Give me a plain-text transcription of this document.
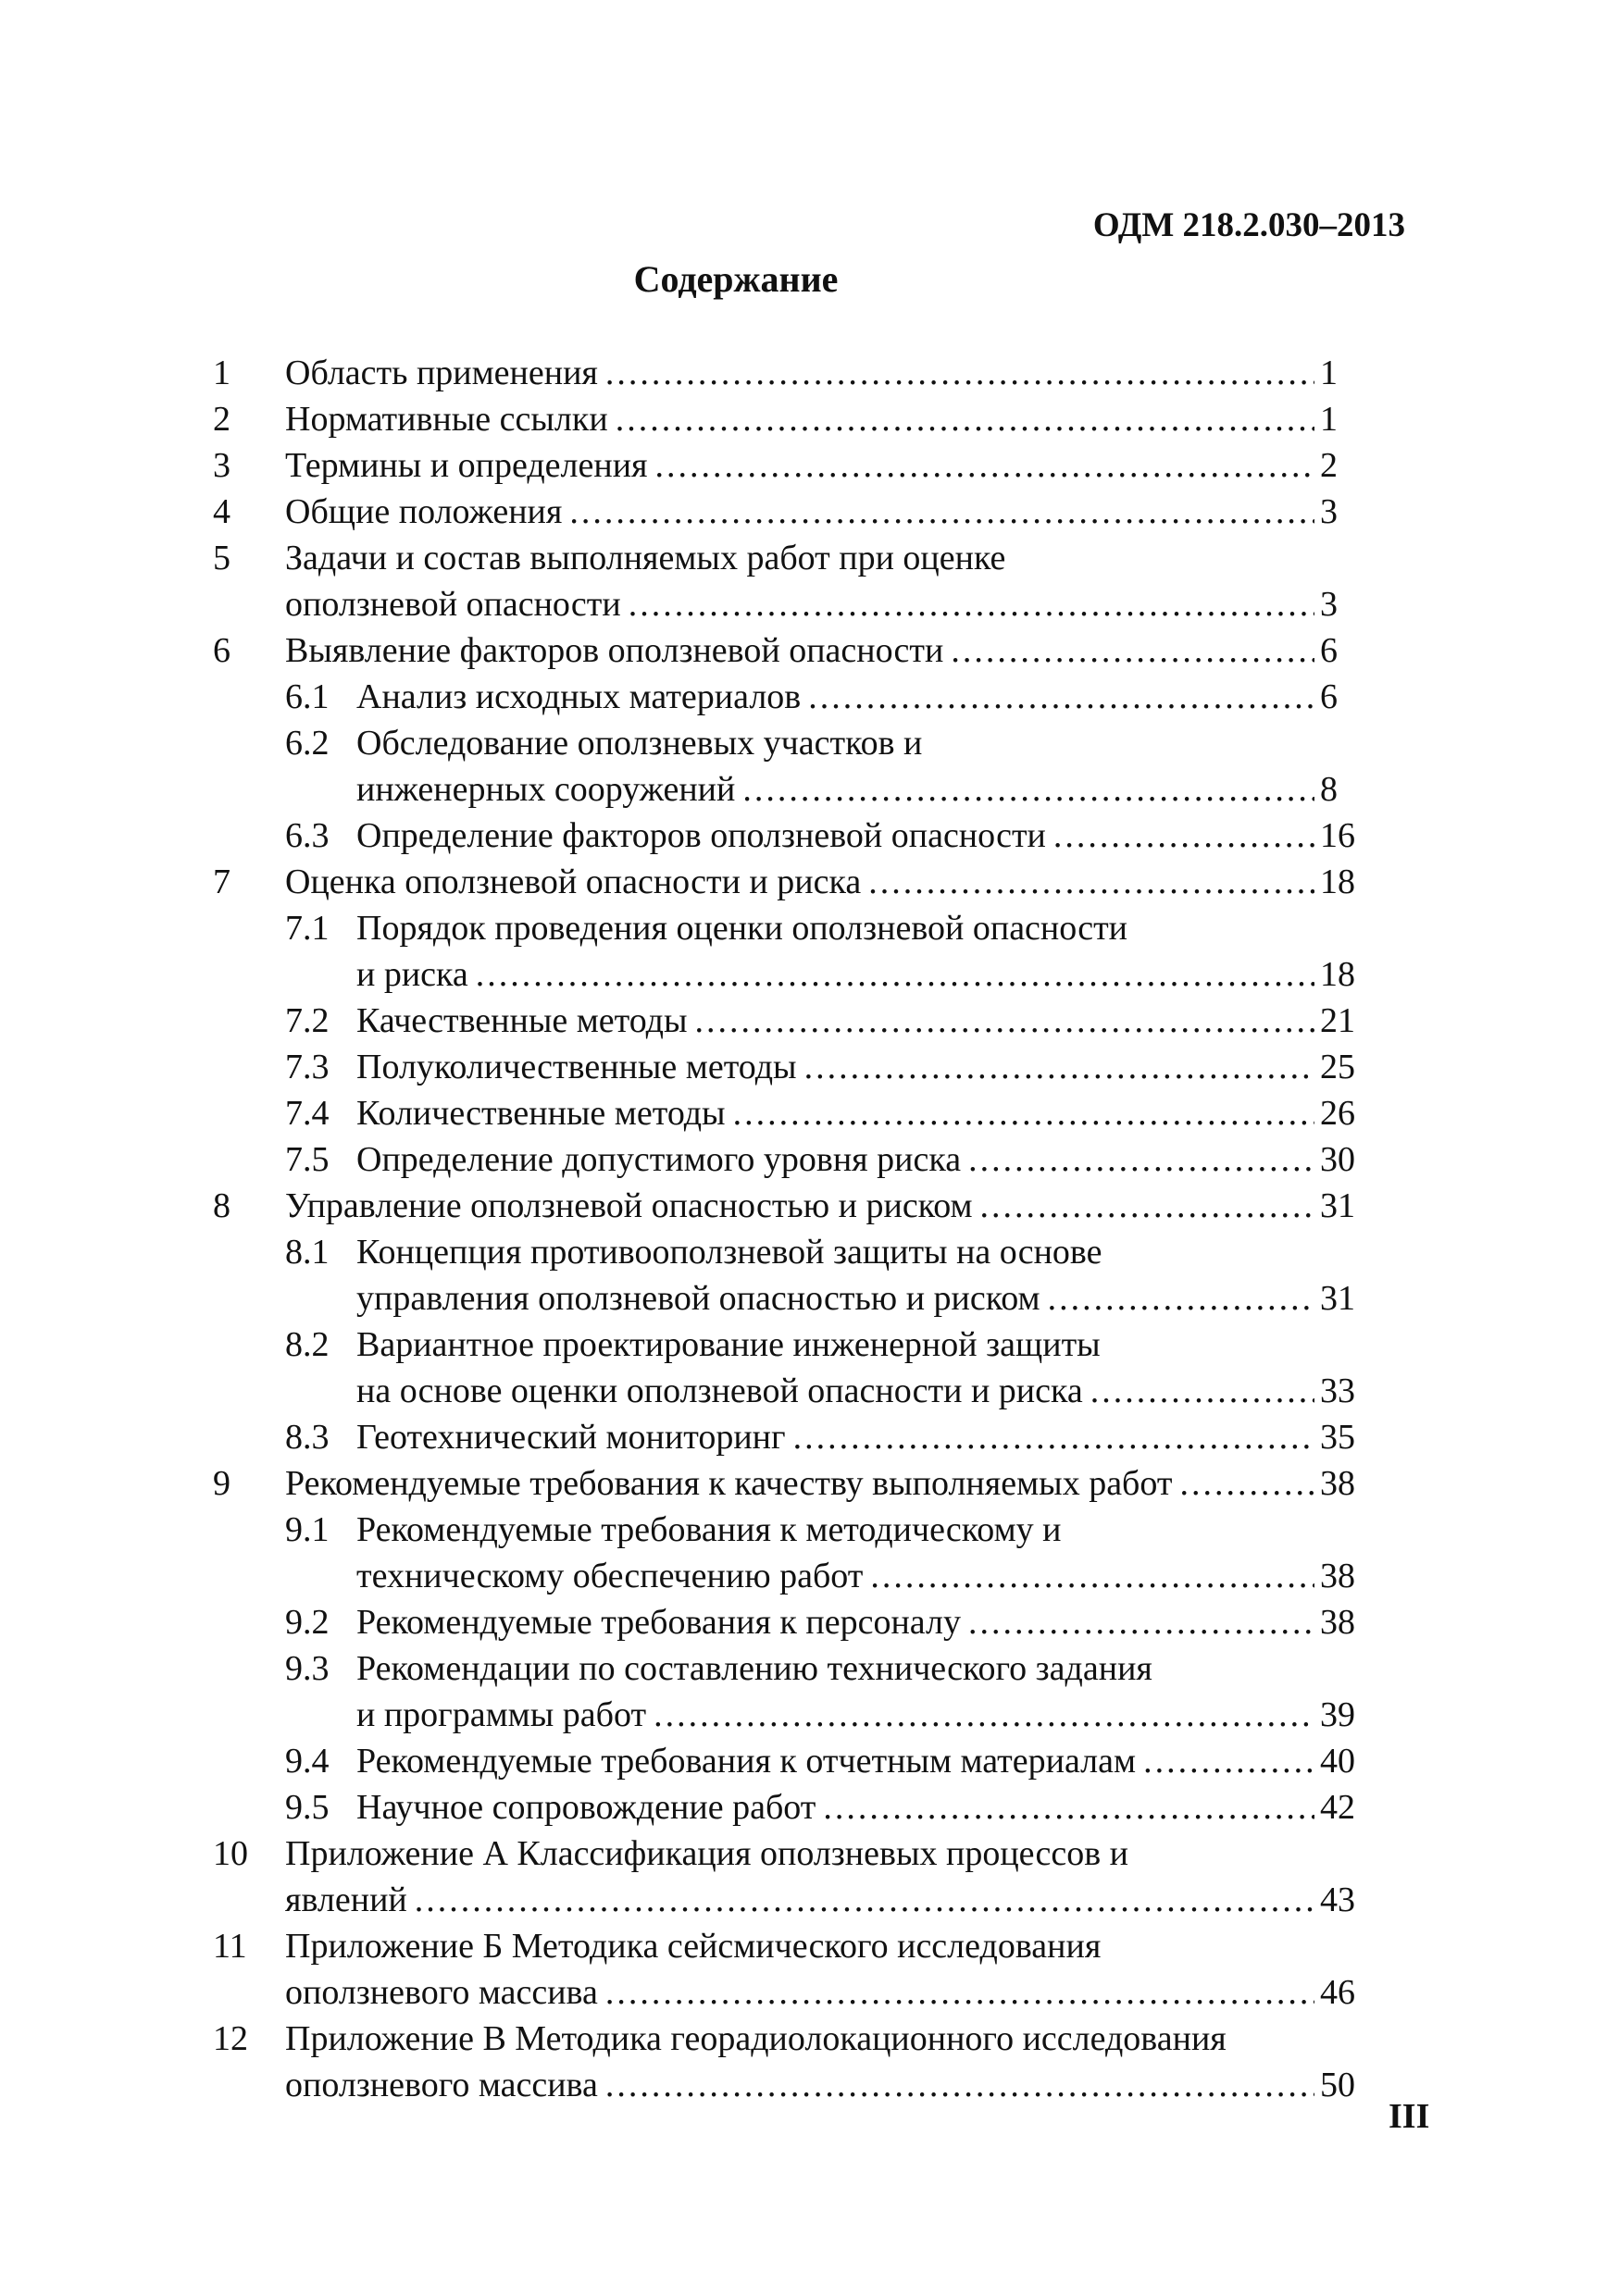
ОДМ 218.2.030–2013
Содержание
1	Область применения .....	1
2	Нормативные ссылки .....	1
3	Термины и определения .....	2
4	Общие положения .....	3
5	Задачи и состав выполняемых работ при оценке
оползневой опасности .....	3
6	Выявление факторов оползневой опасности .....	6
6.1 Анализ исходных материалов .....	6
6.2 Обследование оползневых участков и
инженерных сооружений .....	8
6.3 Определение факторов оползневой опасности .....	16
7	Оценка оползневой опасности и риска .....	18
7.1 Порядок проведения оценки оползневой опасности
и риска .....	18
7.2 Качественные методы .....	21
7.3 Полуколичественные методы .....	25
7.4 Количественные методы .....	26
7.5 Определение допустимого уровня риска .....	30
8	Управление оползневой опасностью и риском .....	31
8.1 Концепция противооползневой защиты на основе
управления оползневой опасностью и риском .....	31
8.2 Вариантное проектирование инженерной защиты
на основе оценки оползневой опасности и риска .....	33
8.3 Геотехнический мониторинг .....	35
9	Рекомендуемые требования к качеству выполняемых работ .....	38
9.1 Рекомендуемые требования к методическому и
техническому обеспечению работ .....	38
9.2 Рекомендуемые требования к персоналу .....	38
9.3 Рекомендации по составлению технического задания
и программы работ .....	39
9.4 Рекомендуемые требования к отчетным материалам .....	40
9.5 Научное сопровождение работ .....	42
10	Приложение А Классификация оползневых процессов и
явлений .....	43
11	Приложение Б Методика сейсмического исследования
оползневого массива .....	46
12	Приложение В Методика георадиолокационного исследования
оползневого массива .....	50
III
